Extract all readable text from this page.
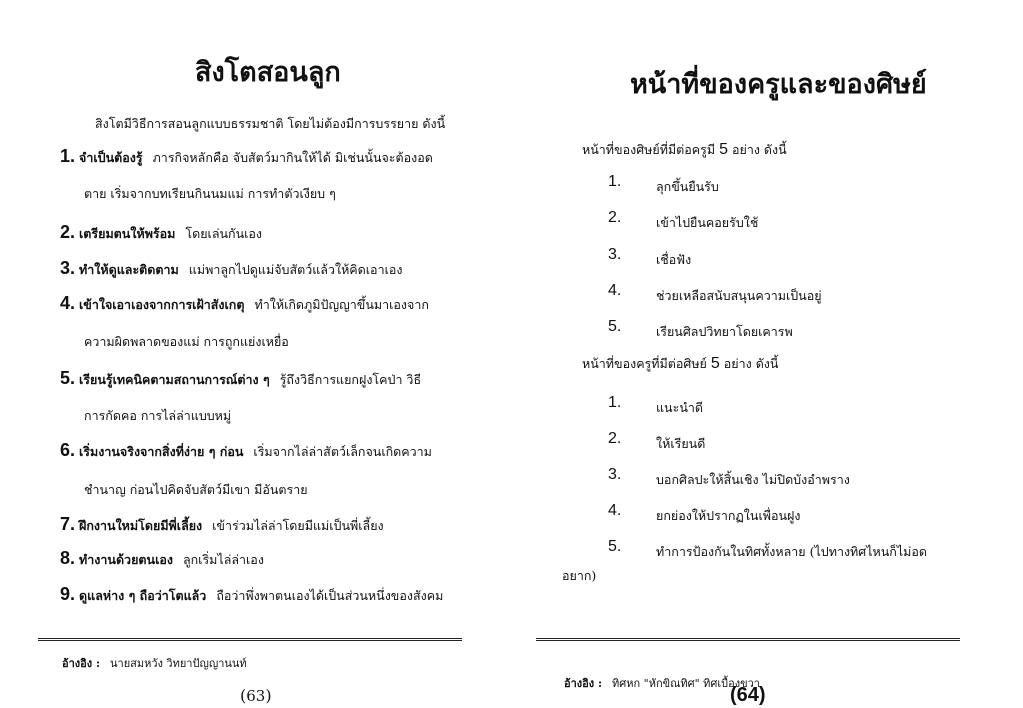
สิงโตสอนลูก
สิงโตมีวิธีการสอนลูกแบบธรรมชาติ โดยไม่ต้องมีการบรรยาย ดังนี้
1. จำเป็นต้องรู้ ภารกิจหลักคือ จับสัตว์มากินให้ได้ มิเช่นนั้นจะต้องอด
ตาย เริ่มจากบทเรียนกินนมแม่ การทำตัวเงียบ ๆ
2. เตรียมตนให้พร้อม โดยเล่นกันเอง
3. ทำให้ดูและติดตาม แม่พาลูกไปดูแม่จับสัตว์แล้วให้คิดเอาเอง
4. เข้าใจเอาเองจากการเฝ้าสังเกตุ ทำให้เกิดภูมิปัญญาขึ้นมาเองจาก
ความผิดพลาดของแม่ การถูกแย่งเหยื่อ
5. เรียนรู้เทคนิคตามสถานการณ์ต่าง ๆ รู้ถึงวิธีการแยกฝูงโคป่า วิธี
การกัดคอ การไล่ล่าแบบหมู่
6. เริ่มงานจริงจากสิ่งที่ง่าย ๆ ก่อน เริ่มจากไล่ล่าสัตว์เล็กจนเกิดความ
ชำนาญ ก่อนไปคิดจับสัตว์มีเขา มีอันตราย
7. ฝึกงานใหม่โดยมีพี่เลี้ยง เข้าร่วมไล่ล่าโดยมีแม่เป็นพี่เลี้ยง
8. ทำงานด้วยตนเอง ลูกเริ่มไล่ล่าเอง
9. ดูแลห่าง ๆ ถือว่าโตแล้ว ถือว่าพึ่งพาตนเองได้เป็นส่วนหนึ่งของสังคม
อ้างอิง : นายสมหวัง วิทยาปัญญานนท์
(63)
หน้าที่ของครูและของศิษย์
หน้าที่ของศิษย์ที่มีต่อครูมี 5 อย่าง ดังนี้
1.	ลุกขึ้นยืนรับ
2.	เข้าไปยืนคอยรับใช้
3.	เชื่อฟัง
4.	ช่วยเหลือสนับสนุนความเป็นอยู่
5.	เรียนศิลปวิทยาโดยเคารพ
หน้าที่ของครูที่มีต่อศิษย์ 5 อย่าง ดังนี้
1.	แนะนำดี
2.	ให้เรียนดี
3.	บอกศิลปะให้สิ้นเชิง ไม่ปิดบังอำพราง
4.	ยกย่องให้ปรากฏในเพื่อนฝูง
5.	ทำการป้องกันในทิศทั้งหลาย (ไปทางทิศไหนก็ไม่อด
อยาก)
อ้างอิง : ทิศหก "หักขิณทิศ" ทิศเบื้องขวา
(64)
